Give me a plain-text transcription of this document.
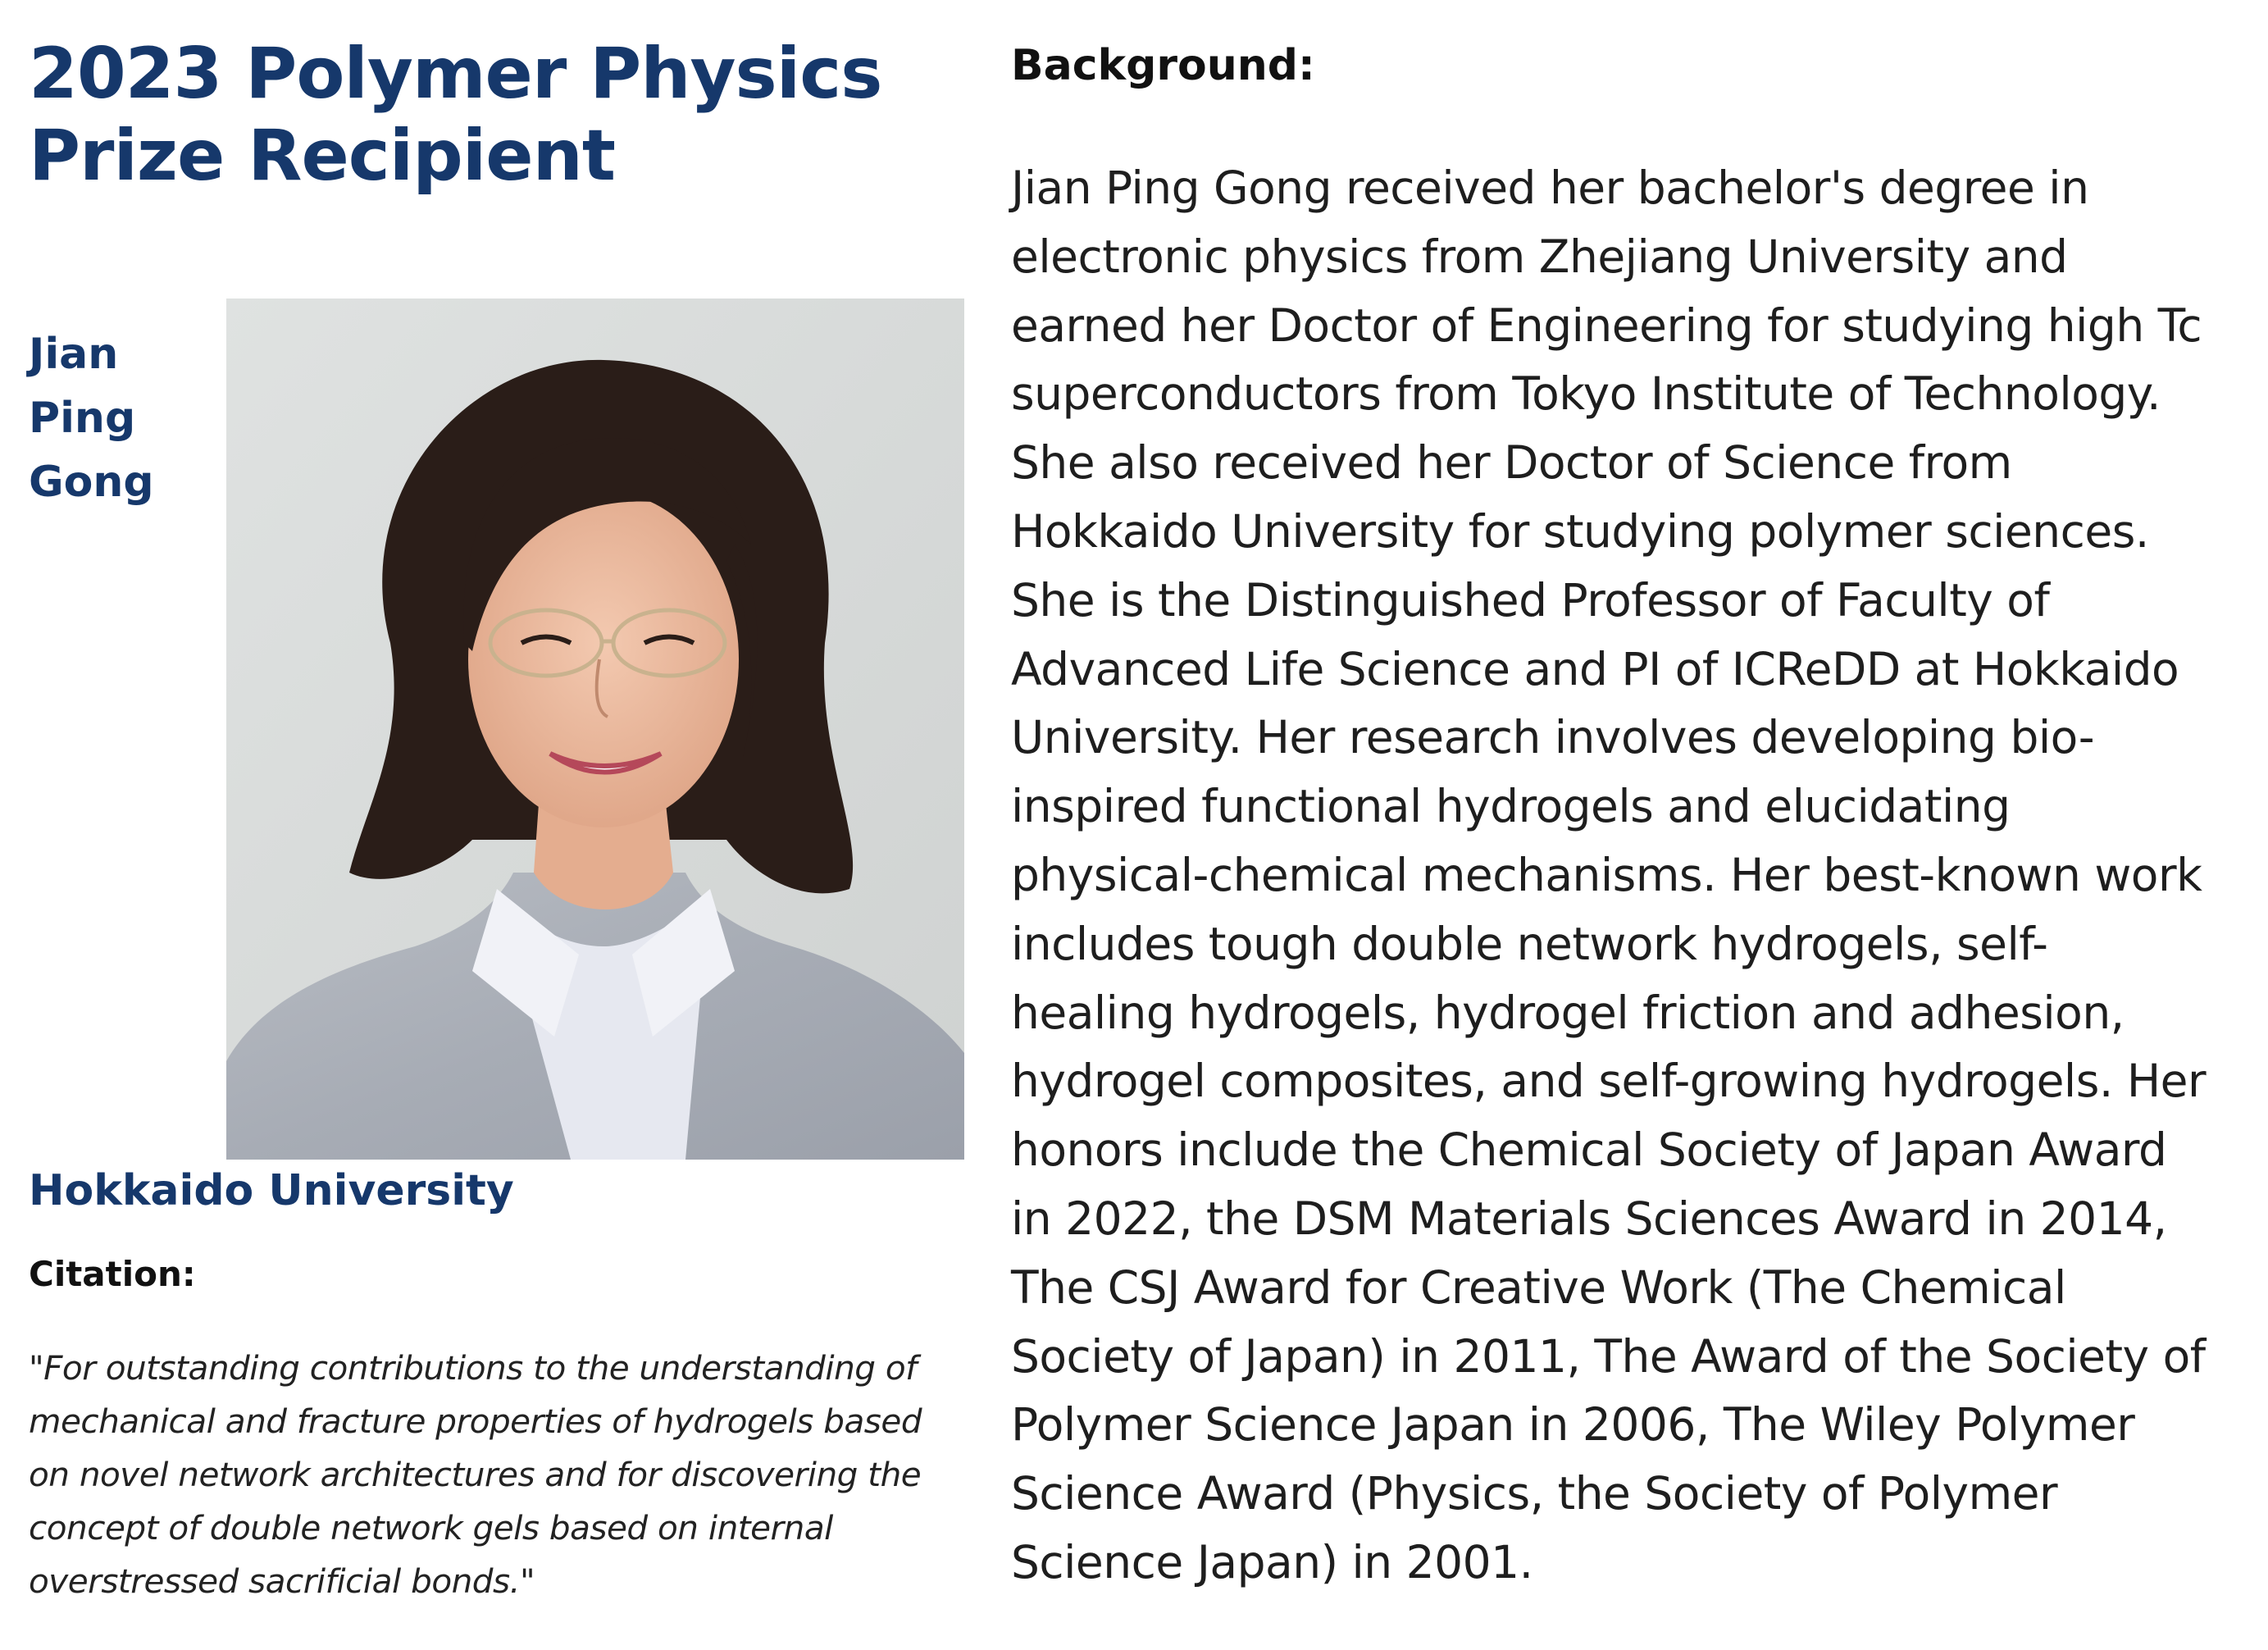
2023 Polymer Physics Prize Recipient
Jian
Ping
Gong
Hokkaido University
Citation:
"For outstanding contributions to the understanding of
mechanical and fracture properties of hydrogels based
on novel network architectures and for discovering the
concept of double network gels based on internal
overstressed sacrificial bonds."
Background:
Jian Ping Gong received her bachelor's degree in
electronic physics from Zhejiang University and
earned her Doctor of Engineering for studying high Tc
superconductors from Tokyo Institute of Technology.
She also received her Doctor of Science from
Hokkaido University for studying polymer sciences.
She is the Distinguished Professor of Faculty of
Advanced Life Science and PI of ICReDD at Hokkaido
University. Her research involves developing bio-
inspired functional hydrogels and elucidating
physical-chemical mechanisms. Her best-known work
includes tough double network hydrogels, self-
healing hydrogels, hydrogel friction and adhesion,
hydrogel composites, and self-growing hydrogels. Her
honors include the Chemical Society of Japan Award
in 2022, the DSM Materials Sciences Award in 2014,
The CSJ Award for Creative Work (The Chemical
Society of Japan) in 2011, The Award of the Society of
Polymer Science Japan in 2006, The Wiley Polymer
Science Award (Physics, the Society of Polymer
Science Japan) in 2001.
